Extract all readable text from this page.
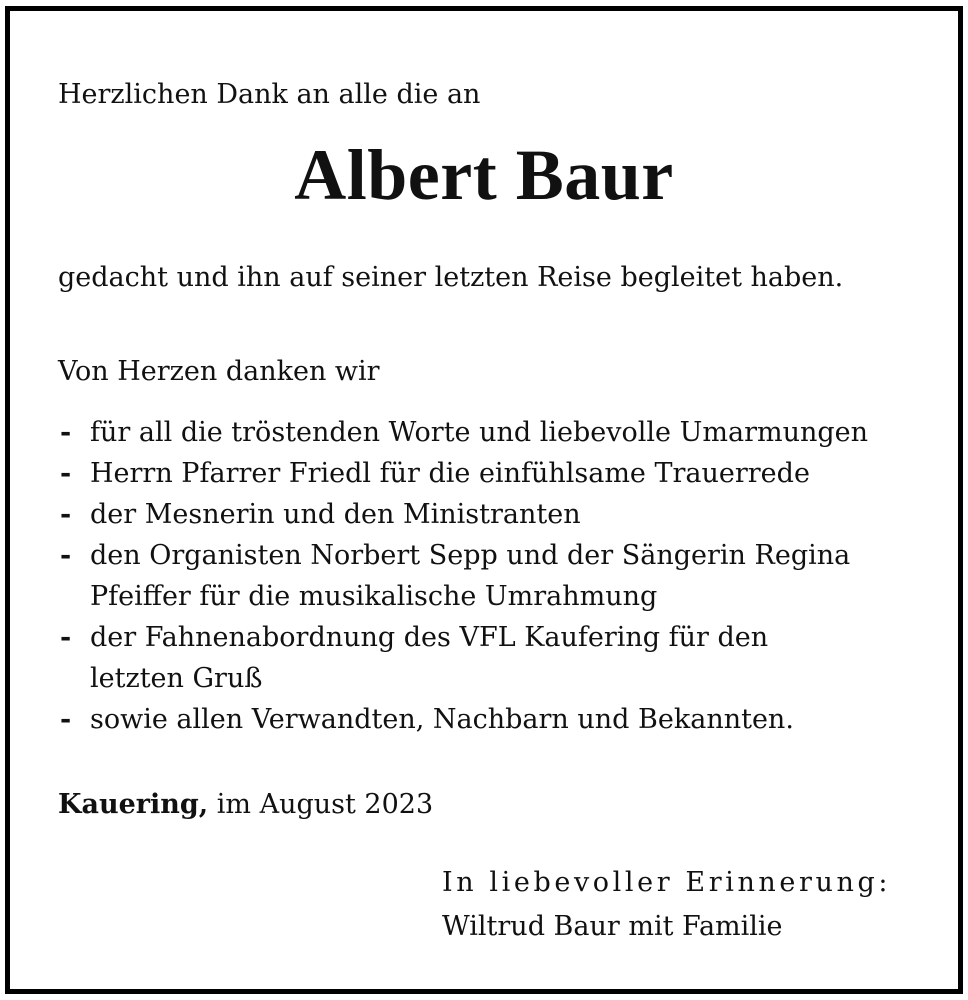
Herzlichen Dank an alle die an
Albert Baur
gedacht und ihn auf seiner letzten Reise begleitet haben.
Von Herzen danken wir
- für all die tröstenden Worte und liebevolle Umarmungen
- Herrn Pfarrer Friedl für die einfühlsame Trauerrede
- der Mesnerin und den Ministranten
- den Organisten Norbert Sepp und der Sängerin Regina
Pfeiffer für die musikalische Umrahmung
- der Fahnenabordnung des VFL Kaufering für den
letzten Gruß
- sowie allen Verwandten, Nachbarn und Bekannten.
Kauering, im August 2023
In liebevoller Erinnerung:
Wiltrud Baur mit Familie
